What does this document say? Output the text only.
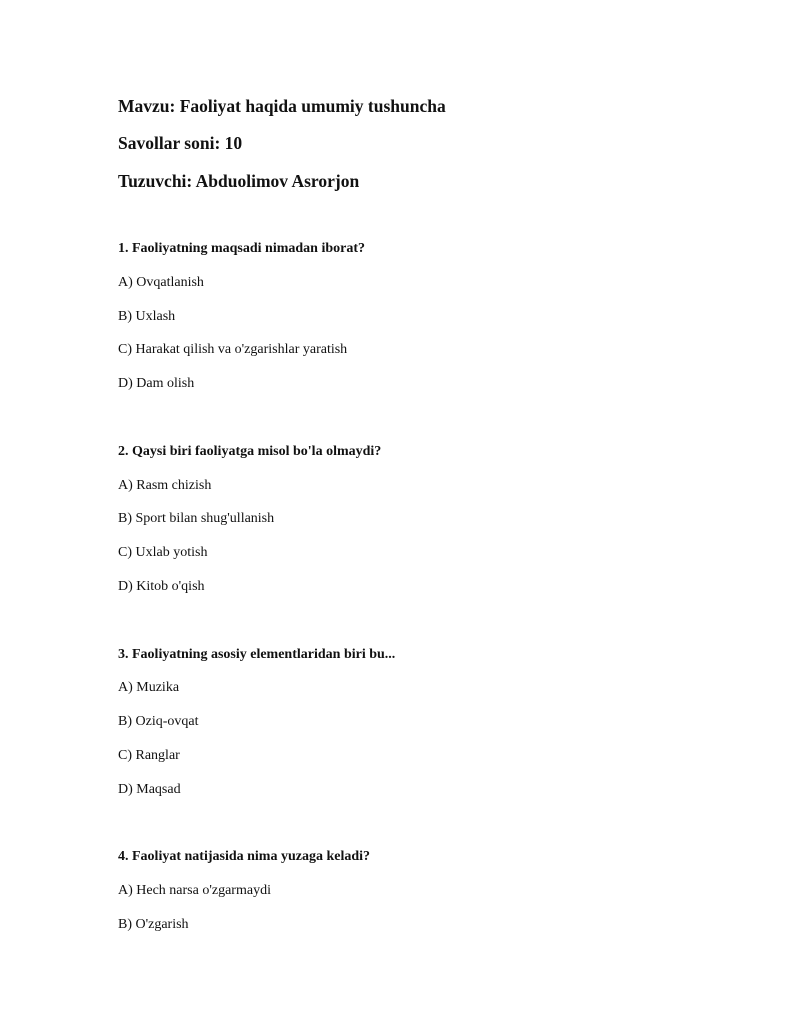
Mavzu: Faoliyat haqida umumiy tushuncha
Savollar soni: 10
Tuzuvchi: Abduolimov Asrorjon
1. Faoliyatning maqsadi nimadan iborat?
A) Ovqatlanish
B) Uxlash
C) Harakat qilish va o'zgarishlar yaratish
D) Dam olish
2. Qaysi biri faoliyatga misol bo'la olmaydi?
A) Rasm chizish
B) Sport bilan shug'ullanish
C) Uxlab yotish
D) Kitob o'qish
3. Faoliyatning asosiy elementlaridan biri bu...
A) Muzika
B) Oziq-ovqat
C) Ranglar
D) Maqsad
4. Faoliyat natijasida nima yuzaga keladi?
A) Hech narsa o'zgarmaydi
B) O'zgarish
